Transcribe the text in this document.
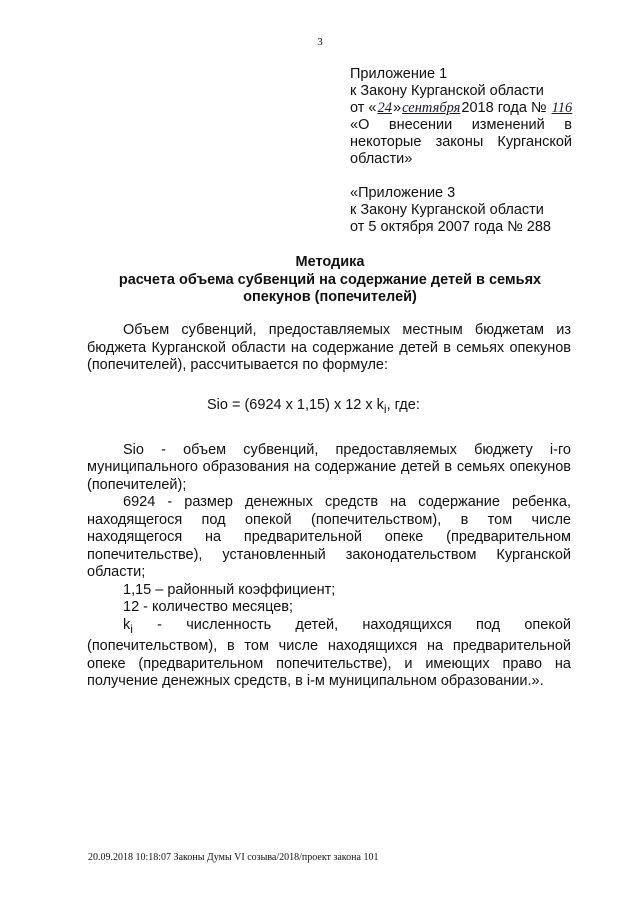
3
Приложение 1
к Закону Курганской области
от «24»сентября2018 года № 116
«О внесении изменений в
некоторые законы Курганской
области»
«Приложение 3
к Закону Курганской области
от 5 октября 2007 года № 288
Методика
расчета объема субвенций на содержание детей в семьях
опекунов (попечителей)

Объем субвенций, предоставляемых местным бюджетам из бюджета Курганской области на содержание детей в семьях опекунов (попечителей), рассчитывается по формуле:

Sio = (6924 x 1,15) x 12 x $k_i$, где:

Sio - объем субвенций, предоставляемых бюджету i-го муниципального образования на содержание детей в семьях опекунов (попечителей);

6924 - размер денежных средств на содержание ребенка, находящегося под опекой (попечительством), в том числе находящегося на предварительной опеке (предварительном попечительстве), установленный законодательством Курганской области;

1,15 – районный коэффициент;

12 - количество месяцев;

$k_i$ - численность детей, находящихся под опекой (попечительством), в том числе находящихся на предварительной опеке (предварительном попечительстве), и имеющих право на получение денежных средств, в i-м муниципальном образовании.».

20.09.2018 10:18:07 Законы Думы VI созыва/2018/проект закона 101
